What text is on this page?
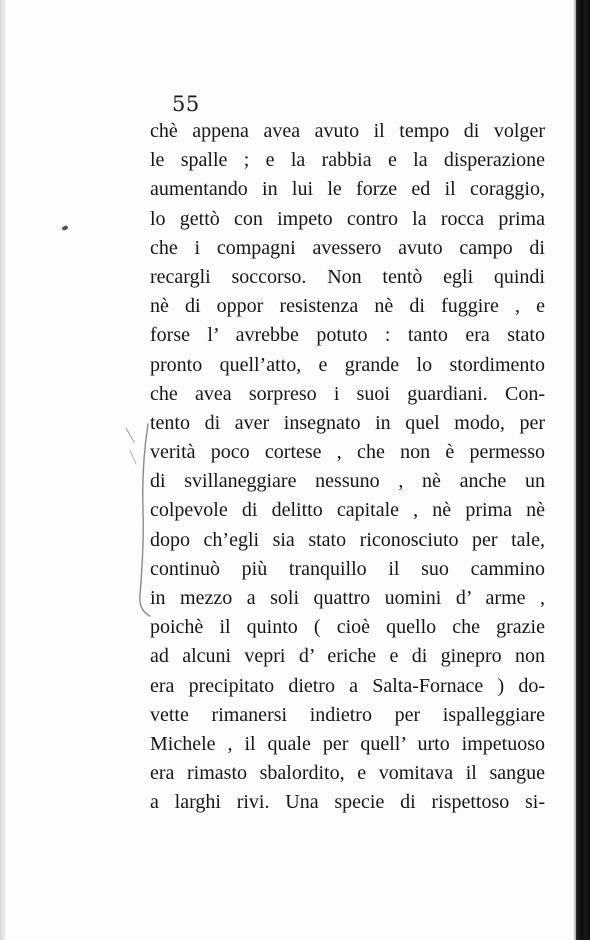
55
chè appena avea avuto il tempo di volger
le spalle ; e la rabbia e la disperazione
aumentando in lui le forze ed il coraggio,
lo gettò con impeto contro la rocca prima
che i compagni avessero avuto campo di
recargli soccorso. Non tentò egli quindi
nè di oppor resistenza nè di fuggire , e
forse l’ avrebbe potuto : tanto era stato
pronto quell’atto, e grande lo stordimento
che avea sorpreso i suoi guardiani. Con-
tento di aver insegnato in quel modo, per
verità poco cortese , che non è permesso
di svillaneggiare nessuno , nè anche un
colpevole di delitto capitale , nè prima nè
dopo ch’egli sia stato riconosciuto per tale,
continuò più tranquillo il suo cammino
in mezzo a soli quattro uomini d’ arme ,
poichè il quinto ( cioè quello che grazie
ad alcuni vepri d’ eriche e di ginepro non
era precipitato dietro a Salta-Fornace ) do-
vette rimanersi indietro per ispalleggiare
Michele , il quale per quell’ urto impetuoso
era rimasto sbalordito, e vomitava il sangue
a larghi rivi. Una specie di rispettoso si-
